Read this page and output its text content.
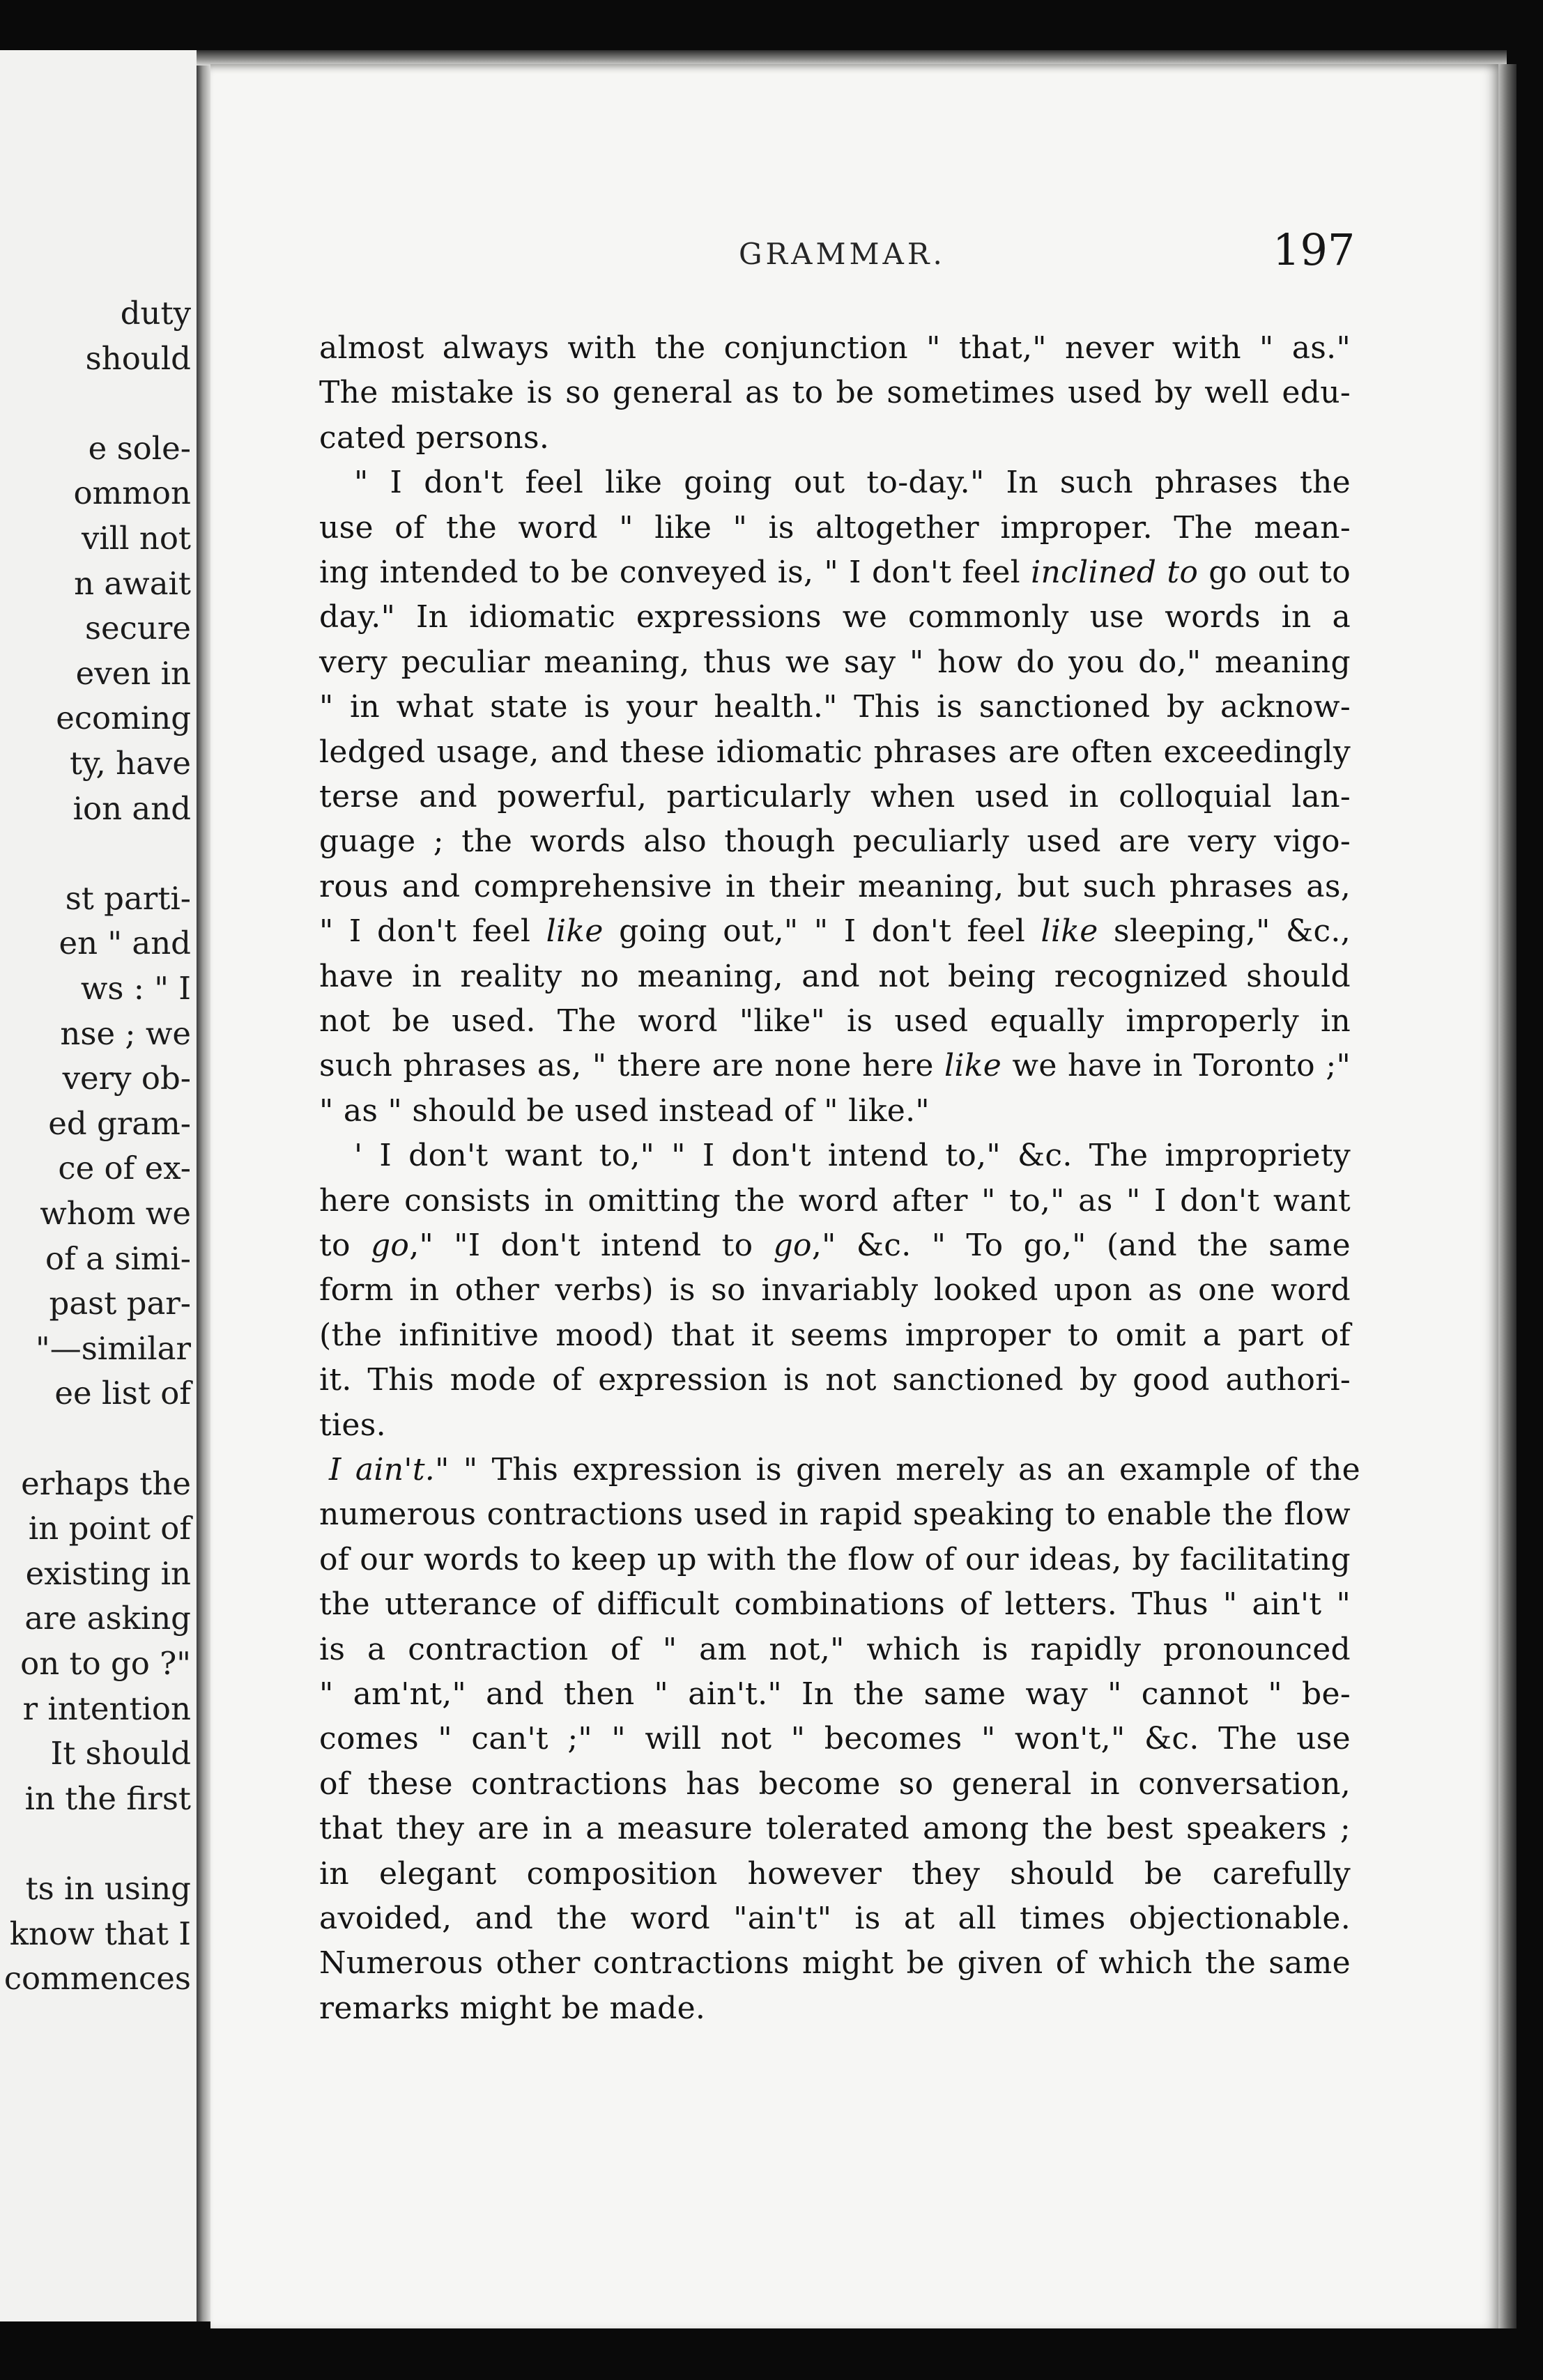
duty
should
e sole-
ommon
vill not
n await
secure
even in
ecoming
ty, have
ion and
st parti-
en " and
ws : " I
nse ; we
very ob-
ed gram-
ce of ex-
whom we
of a simi-
past par-
"—similar
ee list of
erhaps the
in point of
existing in
are asking
on to go ?"
r intention
It should
in the first
ts in using
know that I
commences
GRAMMAR.	197
almost always with the conjunction " that," never with " as."
The mistake is so general as to be sometimes used by well edu-
cated persons.
" I don't feel like going out to-day." In such phrases the
use of the word " like " is altogether improper. The mean-
ing intended to be conveyed is, " I don't feel inclined to go out to
day." In idiomatic expressions we commonly use words in a
very peculiar meaning, thus we say " how do you do," meaning
" in what state is your health." This is sanctioned by acknow-
ledged usage, and these idiomatic phrases are often exceedingly
terse and powerful, particularly when used in colloquial lan-
guage ; the words also though peculiarly used are very vigo-
rous and comprehensive in their meaning, but such phrases as,
" I don't feel like going out," " I don't feel like sleeping," &c.,
have in reality no meaning, and not being recognized should
not be used. The word "like" is used equally improperly in
such phrases as, " there are none here like we have in Toronto ;"
" as " should be used instead of " like."
' I don't want to," " I don't intend to," &c. The impropriety
here consists in omitting the word after " to," as " I don't want
to go," "I don't intend to go," &c. " To go," (and the same
form in other verbs) is so invariably looked upon as one word
(the infinitive mood) that it seems improper to omit a part of
it. This mode of expression is not sanctioned by good authori-
ties.
I ain't." " This expression is given merely as an example of the
numerous contractions used in rapid speaking to enable the flow
of our words to keep up with the flow of our ideas, by facilitating
the utterance of difficult combinations of letters. Thus " ain't "
is a contraction of " am not," which is rapidly pronounced
" am'nt," and then " ain't." In the same way " cannot " be-
comes " can't ;" " will not " becomes " won't," &c. The use
of these contractions has become so general in conversation,
that they are in a measure tolerated among the best speakers ;
in elegant composition however they should be carefully
avoided, and the word "ain't" is at all times objectionable.
Numerous other contractions might be given of which the same
remarks might be made.
